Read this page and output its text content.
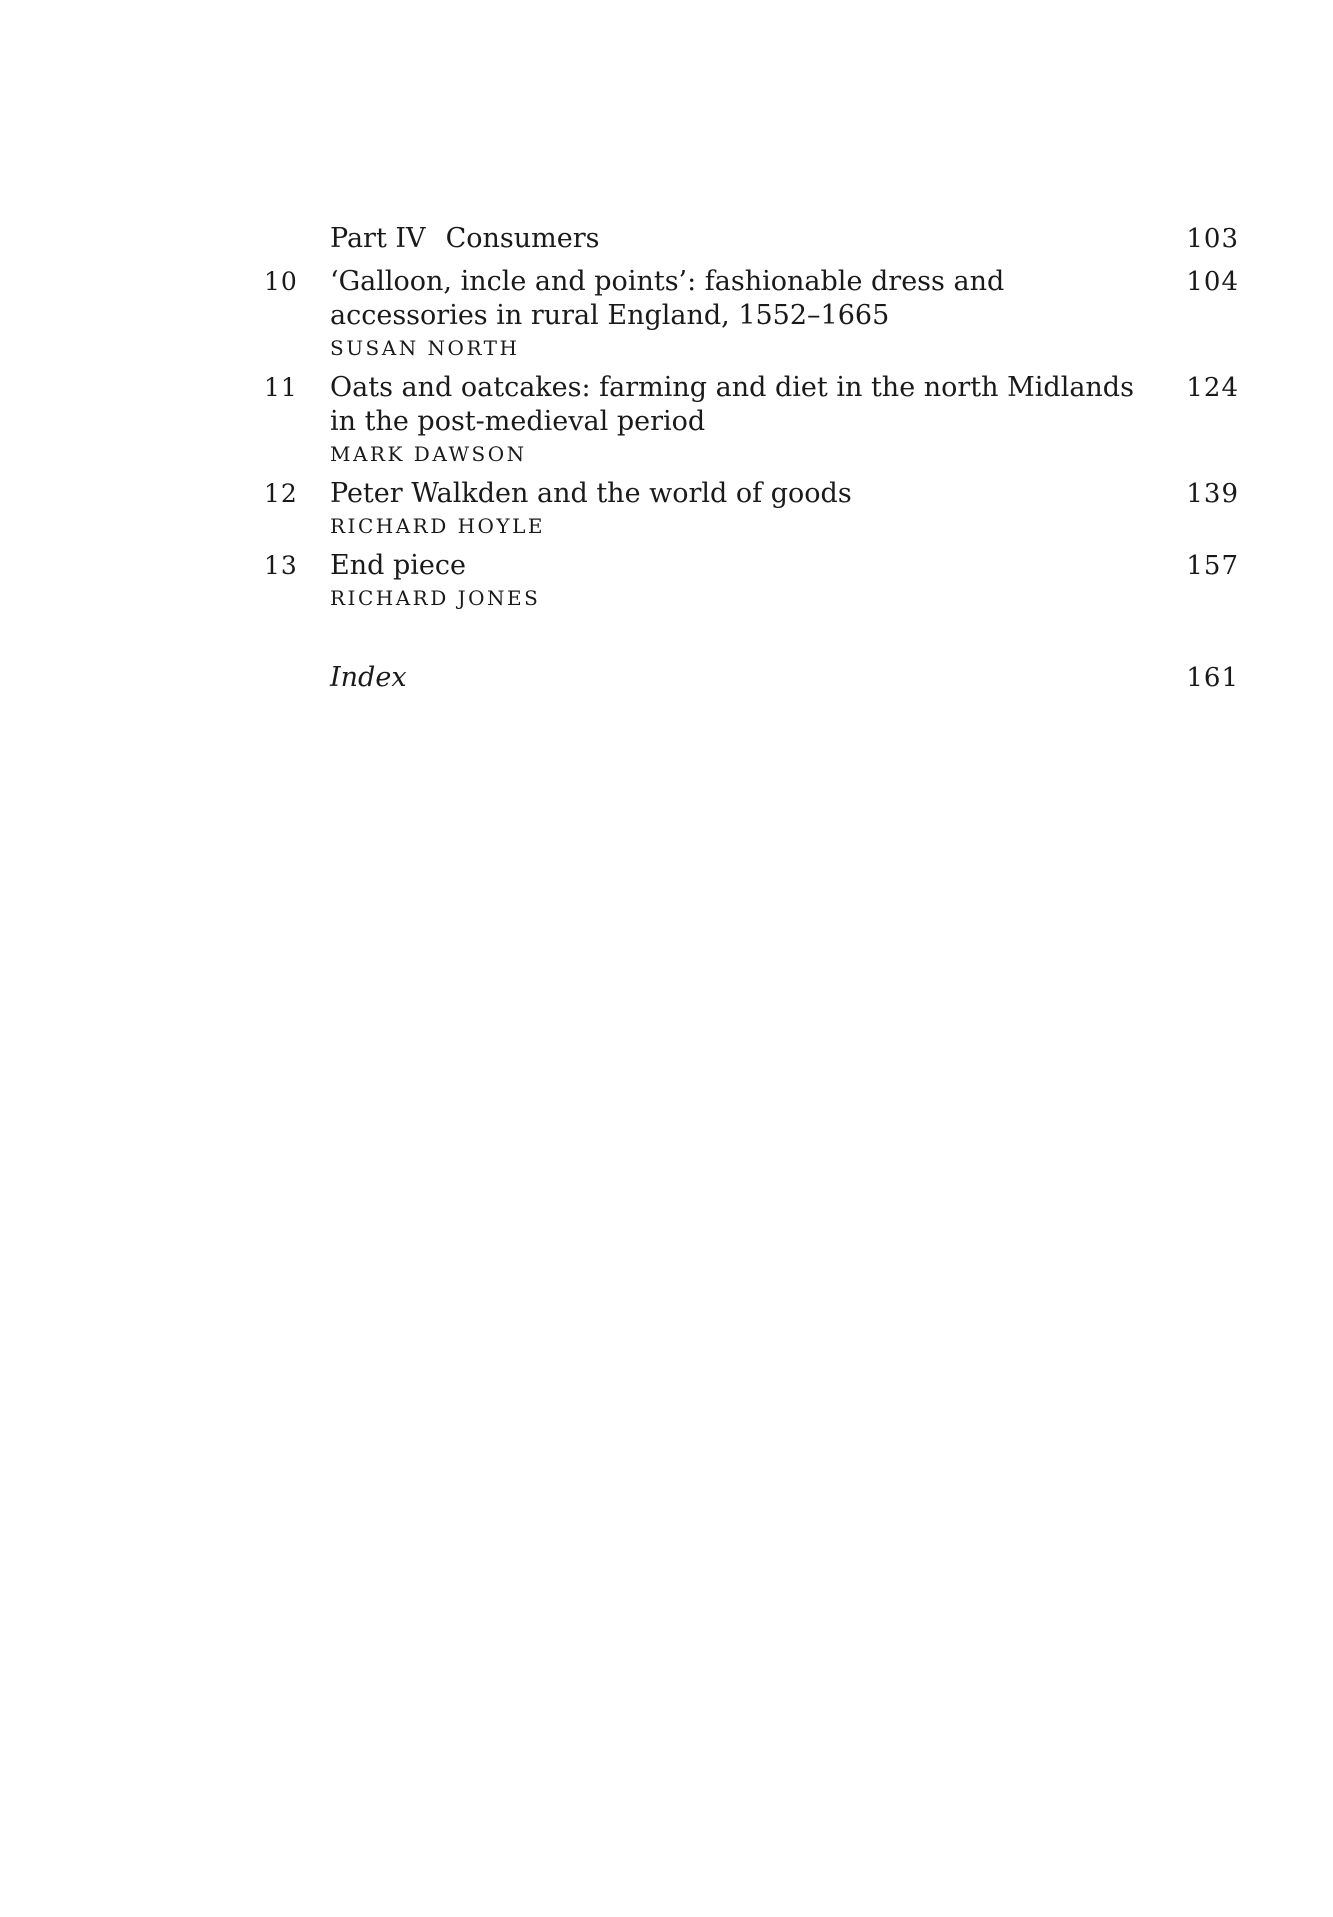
Part IV Consumers	103
10 ‘Galloon, incle and points’: fashionable dress and accessories in rural England, 1552–1665
SUSAN NORTH
104
11 Oats and oatcakes: farming and diet in the north Midlands in the post-medieval period
MARK DAWSON
124
12 Peter Walkden and the world of goods
RICHARD HOYLE
139
13 End piece
RICHARD JONES
157
Index	161
